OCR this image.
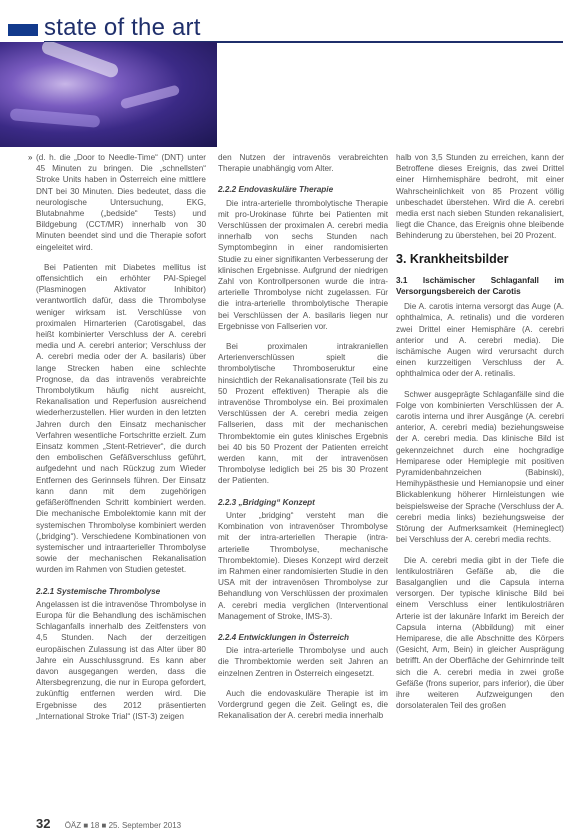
state of the art
» (d. h. die „Door to Needle-Time“ (DNT) unter 45 Minuten zu bringen. Die „schnellsten“ Stroke Units haben in Österreich eine mittlere DNT bei 30 Minuten. Dies bedeutet, dass die neurologische Untersuchung, EKG, Blutabnahme („bedside“ Tests) und Bildgebung (CCT/MR) innerhalb von 30 Minuten beendet sind und die Therapie sofort eingeleitet wird.

Bei Patienten mit Diabetes mellitus ist offensichtlich ein erhöhter PAI-Spiegel (Plasminogen Aktivator Inhibitor) verantwortlich dafür, dass die Thrombolyse weniger wirksam ist. Verschlüsse von proximalen Hirnarterien (Carotisgabel, das heißt kombinierter Verschluss der A. cerebri media und A. cerebri anterior; Verschluss der A. cerebri media oder der A. basilaris) über lange Strecken haben eine schlechte Prognose, da das intravenös verabreichte Thrombolytikum häufig nicht ausreicht, Rekanalisation und Reperfusion ausreichend wiederherzustellen. Hier wurden in den letzten Jahren durch den Einsatz mechanischer Verfahren wesentliche Fortschritte erzielt. Zum Einsatz kommen „Stent-Retriever“, die durch den embolischen Gefäßverschluss geführt, aufgedehnt und nach Rückzug zum Wieder Entfernen des Gerinnsels führen. Der Einsatz kann dann mit dem zugehörigen gefäßeröffnenden Schritt kombiniert werden. Die mechanische Embolektomie kann mit der systemischen Thrombolyse kombiniert werden („bridging“). Verschiedene Kombinationen von systemischer und intraarterieller Thrombolyse sowie der mechanischen Rekanalisation wurden im Rahmen von Studien getestet.

2.2.1 Systemische Thrombolyse

Angelassen ist die intravenöse Thrombolyse in Europa für die Behandlung des ischämischen Schlaganfalls innerhalb des Zeitfensters von 4,5 Stunden. Nach der derzeitigen europäischen Zulassung ist das Alter über 80 Jahre ein Ausschlussgrund. Es kann aber davon ausgegangen werden, dass die Altersbegrenzung, die nur in Europa gefordert, zukünftig entfernen werden wird. Die Ergebnisse des 2012 präsentierten „International Stroke Trial“ (IST-3) zeigen

den Nutzen der intravenös verabreichten Therapie unabhängig vom Alter.

2.2.2 Endovaskuläre Therapie

Die intra-arterielle thrombolytische Therapie mit pro-Urokinase führte bei Patienten mit Verschlüssen der proximalen A. cerebri media innerhalb von sechs Stunden nach Symptombeginn in einer randomisierten Studie zu einer signifikanten Verbesserung der klinischen Ergebnisse. Aufgrund der niedrigen Zahl von Kontrollpersonen wurde die intra-arterielle Thrombolyse nicht zugelassen. Für die intra-arterielle thrombolytische Therapie bei Verschlüssen der A. basilaris liegen nur Ergebnisse von Fallserien vor.

Bei proximalen intrakraniellen Arterienverschlüssen spielt die thrombolytische Thromboseruktur eine hinsichtlich der Rekanalisationsrate (Teil bis zu 50 Prozent effektiven) Therapie als die intravenöse Thrombolyse ein. Bei proximalen Verschlüssen der A. cerebri media zeigen Fallserien, dass mit der mechanischen Thrombektomie ein gutes klinisches Ergebnis bei 40 bis 50 Prozent der Patienten erreicht werden kann, mit der intravenösen Thrombolyse lediglich bei 25 bis 30 Prozent der Patienten.

2.2.3 „Bridging“ Konzept

Unter „bridging“ versteht man die Kombination von intravenöser Thrombolyse mit der intra-arteriellen Therapie (intra-arterielle Thrombolyse, mechanische Thrombektomie). Dieses Konzept wird derzeit im Rahmen einer randomisierten Studie in den USA mit der intravenösen Thrombolyse zur Behandlung von Verschlüssen der proximalen A. cerebri media verglichen (Interventional Management of Stroke, IMS-3).

2.2.4 Entwicklungen in Österreich

Die intra-arterielle Thrombolyse und auch die Thrombektomie werden seit Jahren an einzelnen Zentren in Österreich eingesetzt.

Auch die endovaskuläre Therapie ist im Vordergrund gegen die Zeit. Gelingt es, die Rekanalisation der A. cerebri media innerhalb

halb von 3,5 Stunden zu erreichen, kann der Betroffene dieses Ereignis, das zwei Drittel einer Hirnhemisphäre bedroht, mit einer Wahrscheinlichkeit von 85 Prozent völlig unbeschadet überstehen. Wird die A. cerebri media erst nach sieben Stunden rekanalisiert, liegt die Chance, das Ereignis ohne bleibende Behinderung zu überstehen, bei 20 Prozent.

3. Krankheitsbilder
3.1 Ischämischer Schlaganfall im Versorgungsbereich der Carotis

Die A. carotis interna versorgt das Auge (A. ophthalmica, A. retinalis) und die vorderen zwei Drittel einer Hemisphäre (A. cerebri anterior und A. cerebri media). Die ischämische Augen wird verursacht durch einen kurzzeitigen Verschluss der A. ophthalmica oder der A. retinalis.

Schwer ausgeprägte Schlaganfälle sind die Folge von kombinierten Verschlüssen der A. carotis interna und ihrer Ausgänge (A. cerebri anterior, A. cerebri media) beziehungsweise der A. cerebri media. Das klinische Bild ist gekennzeichnet durch eine hochgradige Hemiparese oder Hemiplegie mit positiven Pyramidenbahnzeichen (Babinski), Hemihypästhesie und Hemianopsie und einer Blickablenkung höherer Hirnleistungen wie beispielsweise der Sprache (Verschluss der A. cerebri media links) beziehungsweise der Störung der Aufmerksamkeit (Hemineglect) bei Verschluss der A. cerebri media rechts.

Die A. cerebri media gibt in der Tiefe die lentikulostriären Gefäße ab, die die Basalganglien und die Capsula interna versorgen. Der typische klinische Bild bei einem Verschluss einer lentikulostriären Arterie ist der lakunäre Infarkt im Bereich der Capsula interna (Abbildung) mit einer Hemiparese, die alle Abschnitte des Körpers (Gesicht, Arm, Bein) in gleicher Ausprägung betrifft. An der Oberfläche der Gehirnrinde teilt sich die A. cerebri media in zwei große Gefäße (frons superior, pars inferior), die über ihre weiteren Aufzweigungen den dorsolateralen Teil des großen

32 ÖÄZ ■ 18 ■ 25. September 2013
